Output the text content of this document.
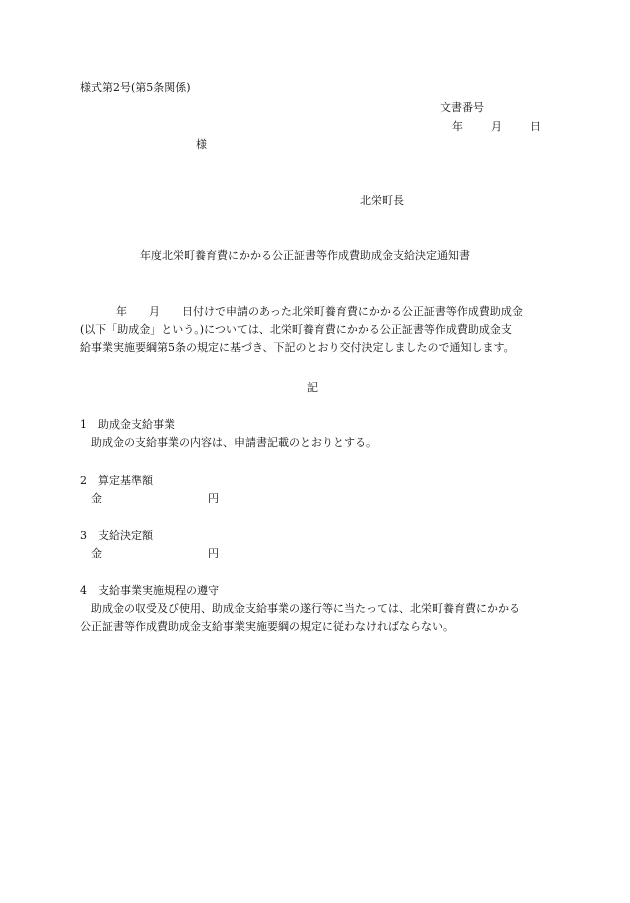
様式第2号(第5条関係)
文書番号
年	月	日
様
北栄町長
年度北栄町養育費にかかる公正証書等作成費助成金支給決定通知書
年 月 日付けで申請のあった北栄町養育費にかかる公正証書等作成費助成金
(以下「助成金」という。)については、北栄町養育費にかかる公正証書等作成費助成金支
給事業実施要綱第5条の規定に基づき、下記のとおり交付決定しましたので通知します。
記
1　助成金支給事業
助成金の支給事業の内容は、申請書記載のとおりとする。
2　算定基準額
金	円
3　支給決定額
金	円
4　支給事業実施規程の遵守
助成金の収受及び使用、助成金支給事業の遂行等に当たっては、北栄町養育費にかかる
公正証書等作成費助成金支給事業実施要綱の規定に従わなければならない。
